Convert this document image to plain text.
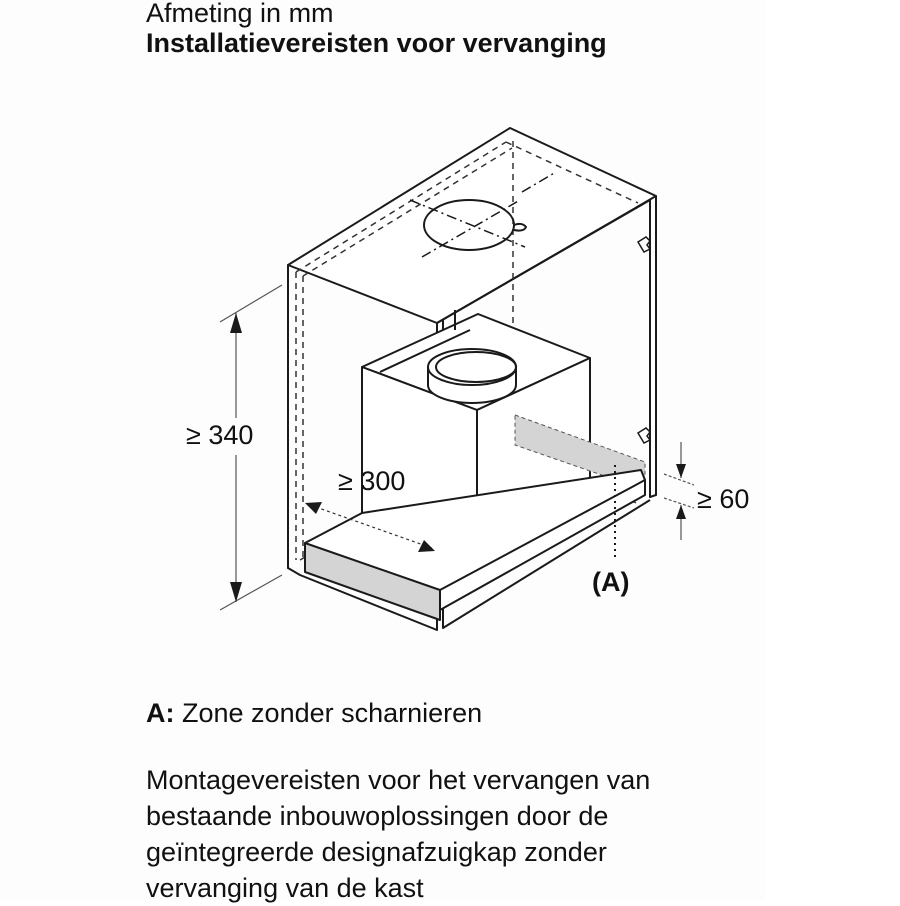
Afmeting in mm
Installatievereisten voor vervanging
≥ 340
≥ 300
≥ 60
(A)
A: Zone zonder scharnieren
Montagevereisten voor het vervangen van
bestaande inbouwoplossingen door de
geïntegreerde designafzuigkap zonder
vervanging van de kast
